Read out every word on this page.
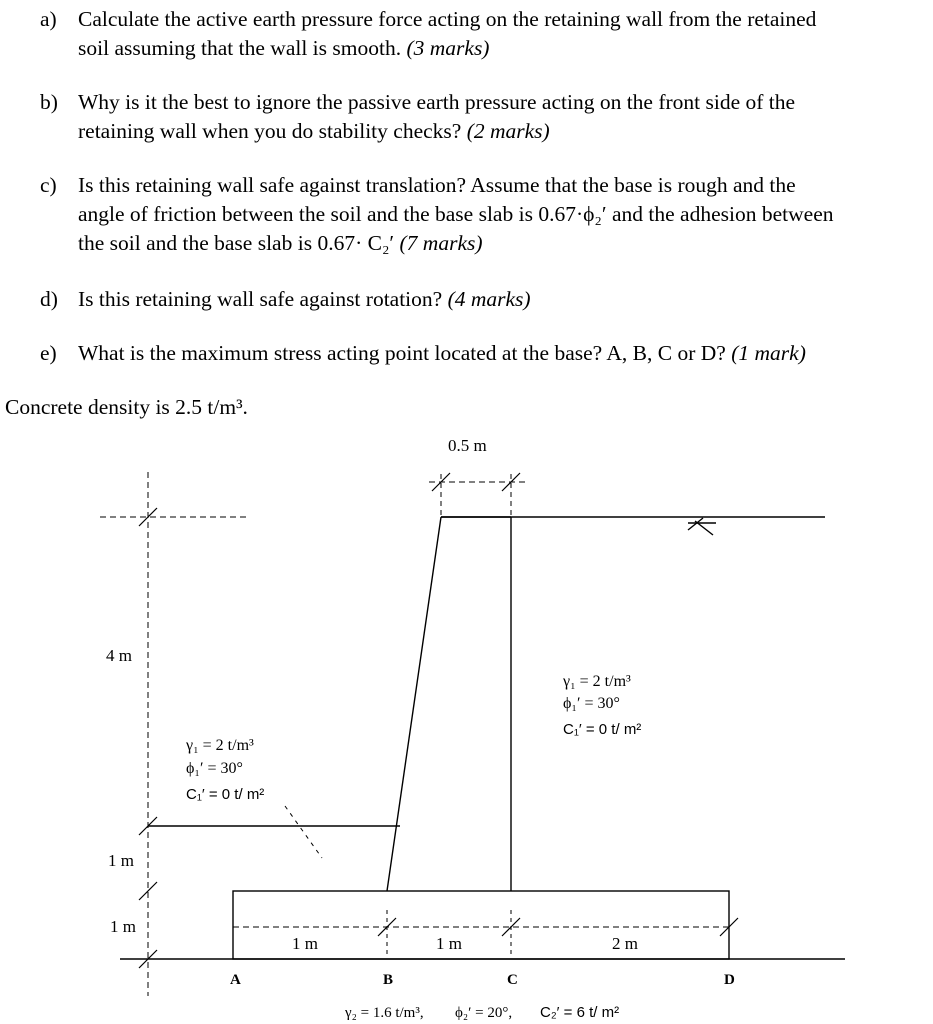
a) Calculate the active earth pressure force acting on the retaining wall from the retained
soil assuming that the wall is smooth. (3 marks)
b) Why is it the best to ignore the passive earth pressure acting on the front side of the
retaining wall when you do stability checks? (2 marks)
c) Is this retaining wall safe against translation? Assume that the base is rough and the
angle of friction between the soil and the base slab is 0.67·ϕ₂′ and the adhesion between
the soil and the base slab is 0.67· C₂′ (7 marks)
d) Is this retaining wall safe against rotation? (4 marks)
e) What is the maximum stress acting point located at the base? A, B, C or D? (1 mark)
Concrete density is 2.5 t/m³.
0.5 m
4 m
1 m
1 m
1 m	1 m	2 m
A	B	C	D
γ₁ = 2 t/m³
ϕ₁′ = 30°
C₁′ = 0 t/ m²
γ₁ = 2 t/m³
ϕ₁′ = 30°
C₁′ = 0 t/ m²
γ₂ = 1.6 t/m³, ϕ₂′ = 20°, C₂′ = 6 t/ m²
